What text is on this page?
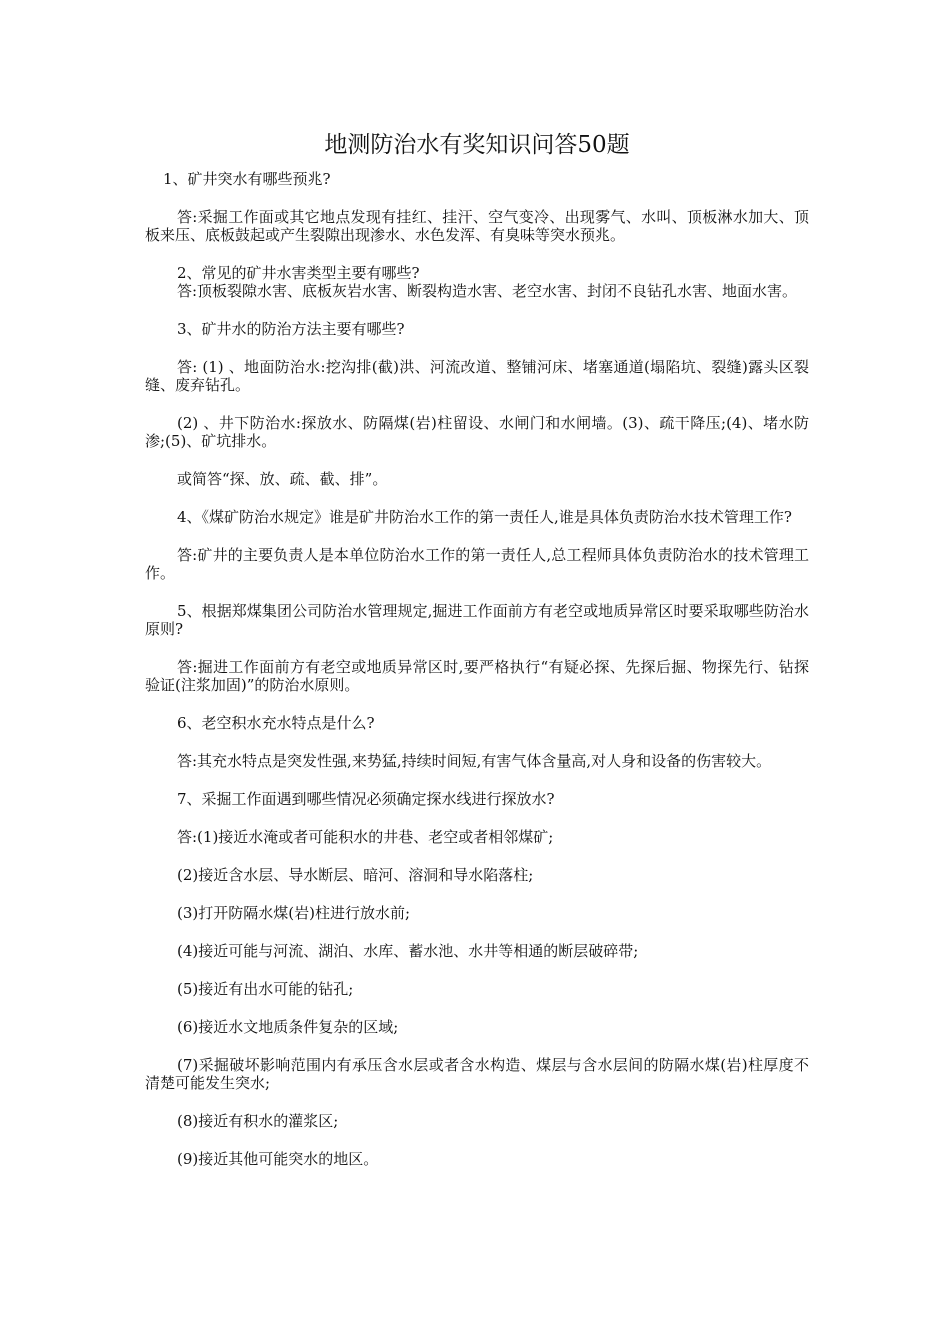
地测防治水有奖知识问答50题

1、矿井突水有哪些预兆?

答:采掘工作面或其它地点发现有挂红、挂汗、空气变冷、出现雾气、水叫、顶板淋水加大、顶板来压、底板鼓起或产生裂隙出现渗水、水色发浑、有臭味等突水预兆。

2、常见的矿井水害类型主要有哪些?

答:顶板裂隙水害、底板灰岩水害、断裂构造水害、老空水害、封闭不良钻孔水害、地面水害。

3、矿井水的防治方法主要有哪些?

答: (1) 、地面防治水:挖沟排(截)洪、河流改道、整铺河床、堵塞通道(塌陷坑、裂缝)露头区裂缝、废弃钻孔。

(2) 、井下防治水:探放水、防隔煤(岩)柱留设、水闸门和水闸墙。(3)、疏干降压;(4)、堵水防渗;(5)、矿坑排水。

或简答“探、放、疏、截、排”。

4、《煤矿防治水规定》谁是矿井防治水工作的第一责任人,谁是具体负责防治水技术管理工作?

答:矿井的主要负责人是本单位防治水工作的第一责任人,总工程师具体负责防治水的技术管理工作。

5、根据郑煤集团公司防治水管理规定,掘进工作面前方有老空或地质异常区时要采取哪些防治水原则?

答:掘进工作面前方有老空或地质异常区时,要严格执行“有疑必探、先探后掘、物探先行、钻探验证(注浆加固)”的防治水原则。

6、老空积水充水特点是什么?

答:其充水特点是突发性强,来势猛,持续时间短,有害气体含量高,对人身和设备的伤害较大。

7、采掘工作面遇到哪些情况必须确定探水线进行探放水?

答:(1)接近水淹或者可能积水的井巷、老空或者相邻煤矿;

(2)接近含水层、导水断层、暗河、溶洞和导水陷落柱;

(3)打开防隔水煤(岩)柱进行放水前;

(4)接近可能与河流、湖泊、水库、蓄水池、水井等相通的断层破碎带;

(5)接近有出水可能的钻孔;

(6)接近水文地质条件复杂的区域;

(7)采掘破坏影响范围内有承压含水层或者含水构造、煤层与含水层间的防隔水煤(岩)柱厚度不清楚可能发生突水;

(8)接近有积水的灌浆区;

(9)接近其他可能突水的地区。
